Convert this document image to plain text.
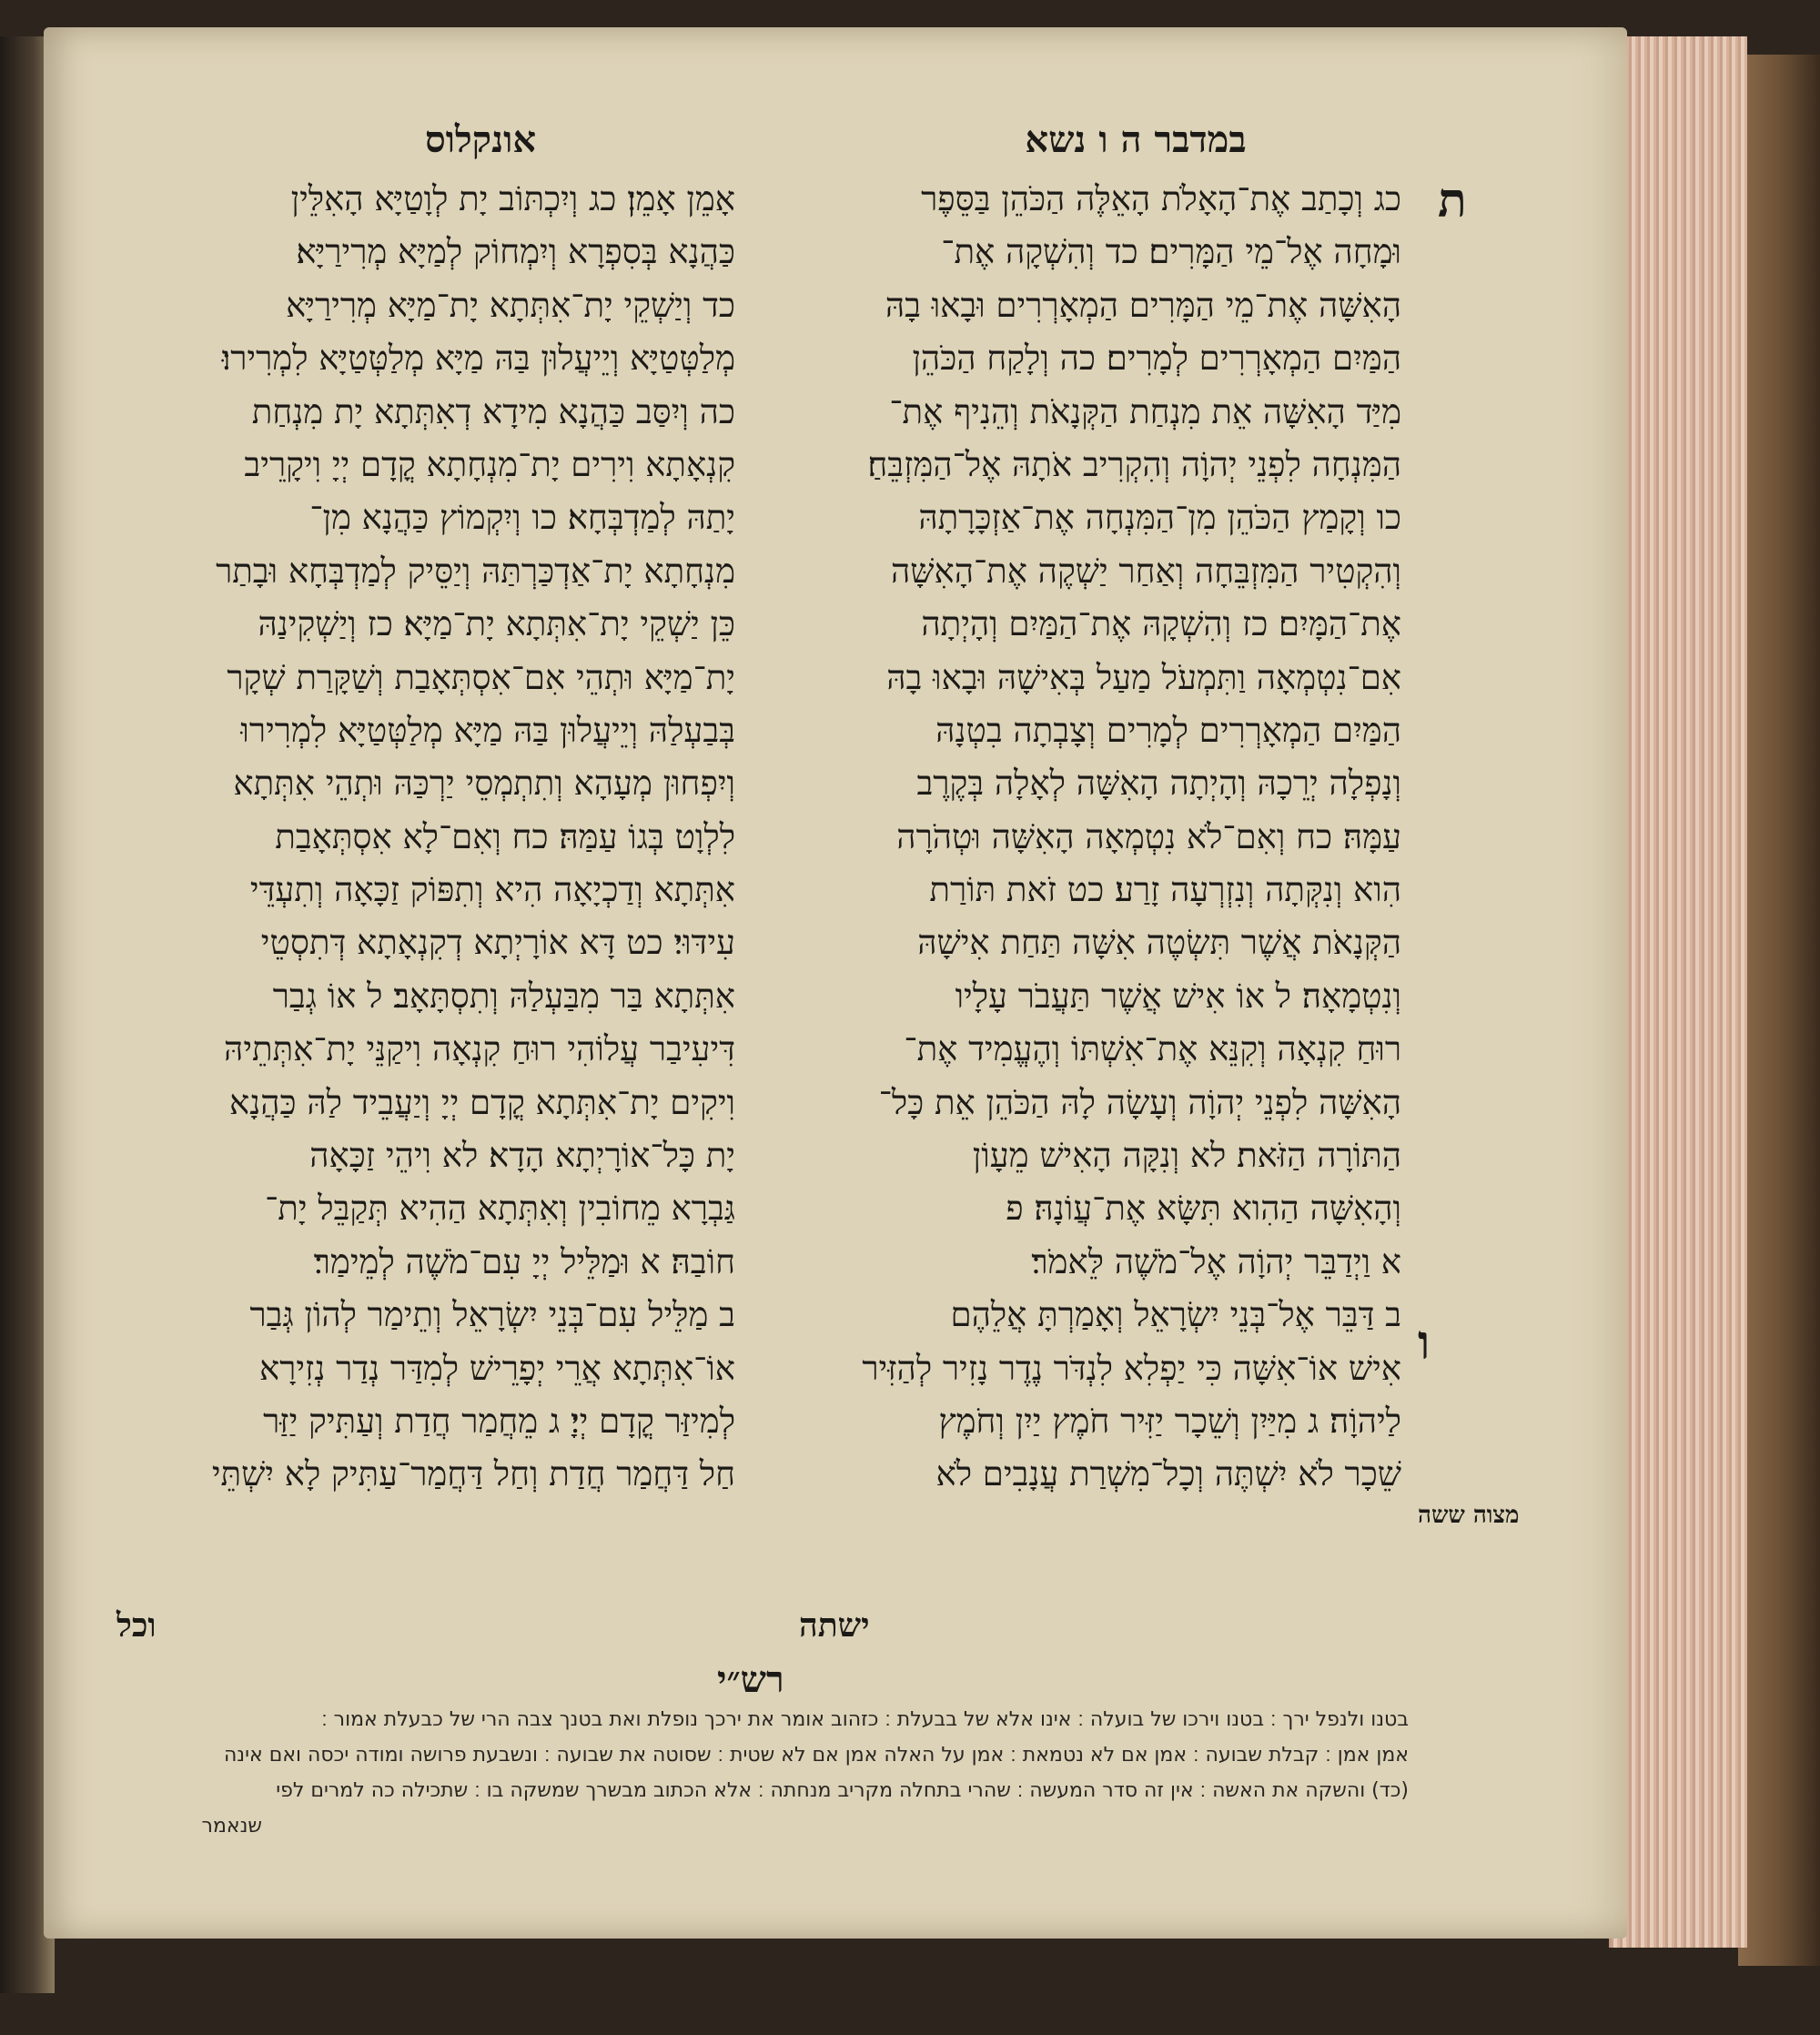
במדבר ה ו נשא
אונקלוס
ת
ו
מצוה ששה
כג וְכָתַב אֶת־הָאָלֹת הָאֵלֶּה הַכֹּהֵן בַּסֵּפֶר
וּמָחָה אֶל־מֵי הַמָּרִים׃ כד וְהִשְׁקָה אֶת־
הָאִשָּׁה אֶת־מֵי הַמָּרִים הַמְאָרְרִים וּבָאוּ בָהּ
הַמַּיִם הַמְאָרְרִים לְמָרִים׃ כה וְלָקַח הַכֹּהֵן
מִיַּד הָאִשָּׁה אֵת מִנְחַת הַקְּנָאֹת וְהֵנִיף אֶת־
הַמִּנְחָה לִפְנֵי יְהוָֹה וְהִקְרִיב אֹתָהּ אֶל־הַמִּזְבֵּחַ׃
כו וְקָמַץ הַכֹּהֵן מִן־הַמִּנְחָה אֶת־אַזְכָּרָתָהּ
וְהִקְטִיר הַמִּזְבֵּחָה וְאַחַר יַשְׁקֶה אֶת־הָאִשָּׁה
אֶת־הַמָּיִם׃ כז וְהִשְׁקָהּ אֶת־הַמַּיִם וְהָיְתָה
אִם־נִטְמְאָה וַתִּמְעֹל מַעַל בְּאִישָׁהּ וּבָאוּ בָהּ
הַמַּיִם הַמְאָרְרִים לְמָרִים וְצָבְתָה בִטְנָהּ
וְנָפְלָה יְרֵכָהּ וְהָיְתָה הָאִשָּׁה לְאָלָה בְּקֶרֶב
עַמָּהּ׃ כח וְאִם־לֹא נִטְמְאָה הָאִשָּׁה וּטְהֹרָה
הִוא וְנִקְּתָה וְנִזְרְעָה זָרַע׃ כט זֹאת תּוֹרַת
הַקְּנָאֹת אֲשֶׁר תִּשְׂטֶה אִשָּׁה תַּחַת אִישָׁהּ
וְנִטְמָאָה׃ ל אוֹ אִישׁ אֲשֶׁר תַּעֲבֹר עָלָיו
רוּחַ קִנְאָה וְקִנֵּא אֶת־אִשְׁתּוֹ וְהֶעֱמִיד אֶת־
הָאִשָּׁה לִפְנֵי יְהוָֹה וְעָשָׂה לָהּ הַכֹּהֵן אֵת כָּל־
הַתּוֹרָה הַזֹּאת׃ לא וְנִקָּה הָאִישׁ מֵעָוֹן
וְהָאִשָּׁה הַהִוא תִּשָּׂא אֶת־עֲוֹנָהּ׃ פ
א וַיְדַבֵּר יְהוָֹה אֶל־מֹשֶׁה לֵּאמֹר׃
ב דַּבֵּר אֶל־בְּנֵי יִשְׂרָאֵל וְאָמַרְתָּ אֲלֵהֶם
אִישׁ אוֹ־אִשָּׁה כִּי יַפְלִא לִנְדֹּר נֶדֶר נָזִיר לְהַזִּיר
לַיהוָֹה׃ ג מִיַּיִן וְשֵׁכָר יַזִּיר חֹמֶץ יַיִן וְחֹמֶץ
שֵׁכָר לֹא יִשְׁתֶּה וְכָל־מִשְׁרַת עֲנָבִים לֹא
אָמֵן אָמֵן׃ כג וְיִכְתּוֹב יָת לְוָטַיָּא הָאִלֵּין
כַּהֲנָא בְּסִפְרָא וְיִמְחוֹק לְמַיָּא מְרִירַיָּא׃
כד וְיַשְׁקֵי יָת־אִתְּתָא יָת־מַיָּא מְרִירַיָּא
מְלַטְּטַיָּא וְיֵיעֲלוּן בַּהּ מַיָּא מְלַטְּטַיָּא לִמְרִירוּ׃
כה וְיִסַּב כַּהֲנָא מִידָא דְאִתְּתָא יָת מִנְחַת
קִנְאָתָא וִירִים יָת־מִנְחָתָא קֳדָם יְיָ וִיקָרֵיב
יָתַהּ לְמַדְבְּחָא׃ כו וְיִקְמוֹץ כַּהֲנָא מִן־
מִנְחָתָא יָת־אַדְכַּרְתַּהּ וְיַסֵּיק לְמַדְבְּחָא וּבָתַר
כֵּן יַשְׁקֵי יָת־אִתְּתָא יָת־מַיָּא׃ כז וְיַשְׁקִינַהּ
יָת־מַיָּא וּתְהֵי אִם־אִסְתְּאָבַת וְשַׁקָּרַת שְׁקָר
בְּבַעְלַהּ וְיֵיעֲלוּן בַּהּ מַיָּא מְלַטְּטַיָּא לִמְרִירוּ
וְיִפְחוּן מְעָהָא וְתִתְמְסֵי יַרְכַּהּ וּתְהֵי אִתְּתָא
לִלְוָט בְּגוֹ עַמַּהּ׃ כח וְאִם־לָא אִסְתְּאָבַת
אִתְּתָא וְדַכְיָאָה הִיא וְתִפּוֹק זַכָּאָה וְתִעְדֵּי
עִידּוּי׃ כט דָּא אוֹרָיְתָא דְקִנְאָתָא דְּתִסְטֵי
אִתְּתָא בַּר מִבַּעְלַהּ וְתִסְתָּאָב׃ ל אוֹ גְבַר
דִּיעִיבַר עֲלוֹהִי רוּחַ קִנְאָה וִיקַנֵּי יָת־אִתְּתֵיהּ
וִיקִים יָת־אִתְּתָא קֳדָם יְיָ וְיַעֲבֵיד לַהּ כַּהֲנָא
יָת כָּל־אוֹרָיְתָא הָדָא׃ לא וִיהֵי זַכָּאָה
גַּבְרָא מֵחוֹבִין וְאִתְּתָא הַהִיא תְּקַבֵּל יָת־
חוֹבַהּ׃ א וּמַלֵּיל יְיָ עִם־מֹשֶׁה לְמֵימַר׃
ב מַלֵּיל עִם־בְּנֵי יִשְׂרָאֵל וְתֵימַר לְהוֹן גְּבַר
אוֹ־אִתְּתָא אֲרֵי יְפָרֵישׁ לְמִדַּר נְדַר נְזִירָא
לְמִיזַּר קֳדָם יְיָ׃ ג מֵחֲמַר חֲדַת וְעַתִּיק יַזַּר
חַל דַּחֲמַר חֲדַת וְחַל דַּחֲמַר־עַתִּיק לָא יִשְׁתֵּי
ישתה
וכל
רש״י
בטנו ולנפל ירך ׃ בטנו וירכו של בועלה ׃ אינו אלא של בבעלת ׃ כזהוב אומר את ירכך נופלת ואת בטנך צבה הרי של כבעלת אמור ׃
אמן אמן ׃ קבלת שבועה ׃ אמן אם לא נטמאת ׃ אמן על האלה אמן אם לא שטית ׃ שסוטה את שבועה ׃ ונשבעת פרושה ומודה יכסה ואם אינה
(כד) והשקה את האשה ׃ אין זה סדר המעשה ׃ שהרי בתחלה מקריב מנחתה ׃ אלא הכתוב מבשרך שמשקה בו ׃ שתכילה כה למרים לפי
שנאמר
